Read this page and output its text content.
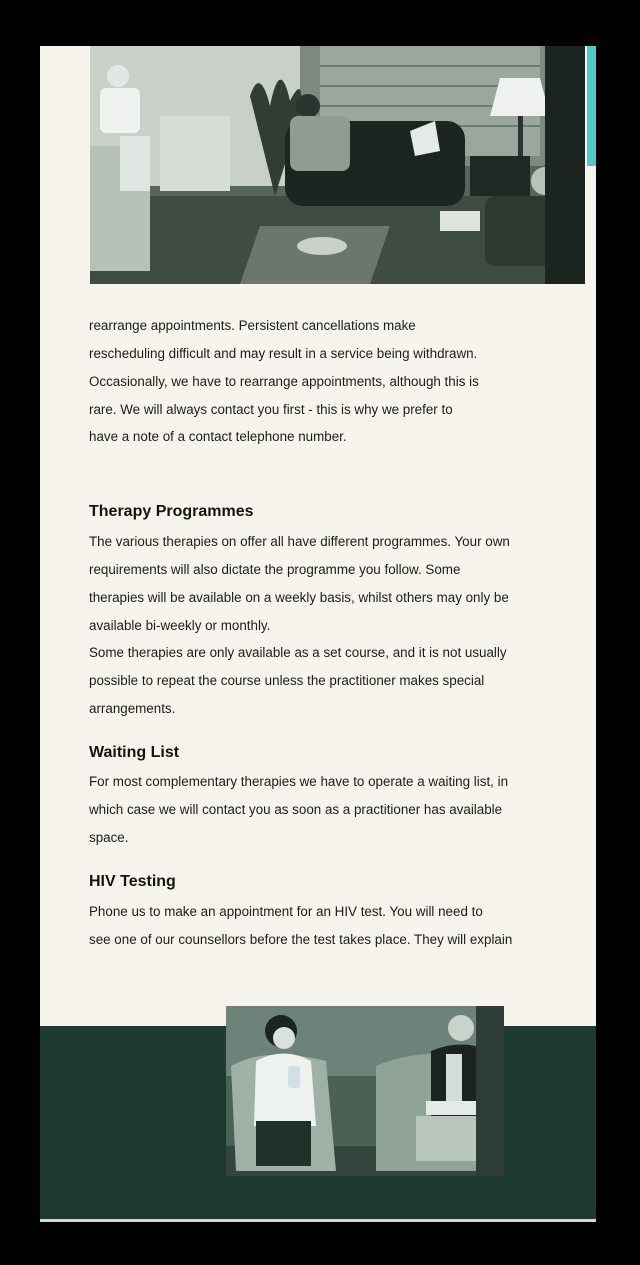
rearrange appointments. Persistent cancellations make

rescheduling difficult and may result in a service being withdrawn.

Occasionally, we have to rearrange appointments, although this is

rare. We will always contact you first - this is why we prefer to

have a note of a contact telephone number.

Therapy Programmes

The various therapies on offer all have different programmes. Your own

requirements will also dictate the programme you follow. Some

therapies will be available on a weekly basis, whilst others may only be

available bi-weekly or monthly.

Some therapies are only available as a set course, and it is not usually

possible to repeat the course unless the practitioner makes special

arrangements.

Waiting List

For most complementary therapies we have to operate a waiting list, in

which case we will contact you as soon as a practitioner has available

space.

HIV Testing

Phone us to make an appointment for an HIV test. You will need to

see one of our counsellors before the test takes place. They will explain
